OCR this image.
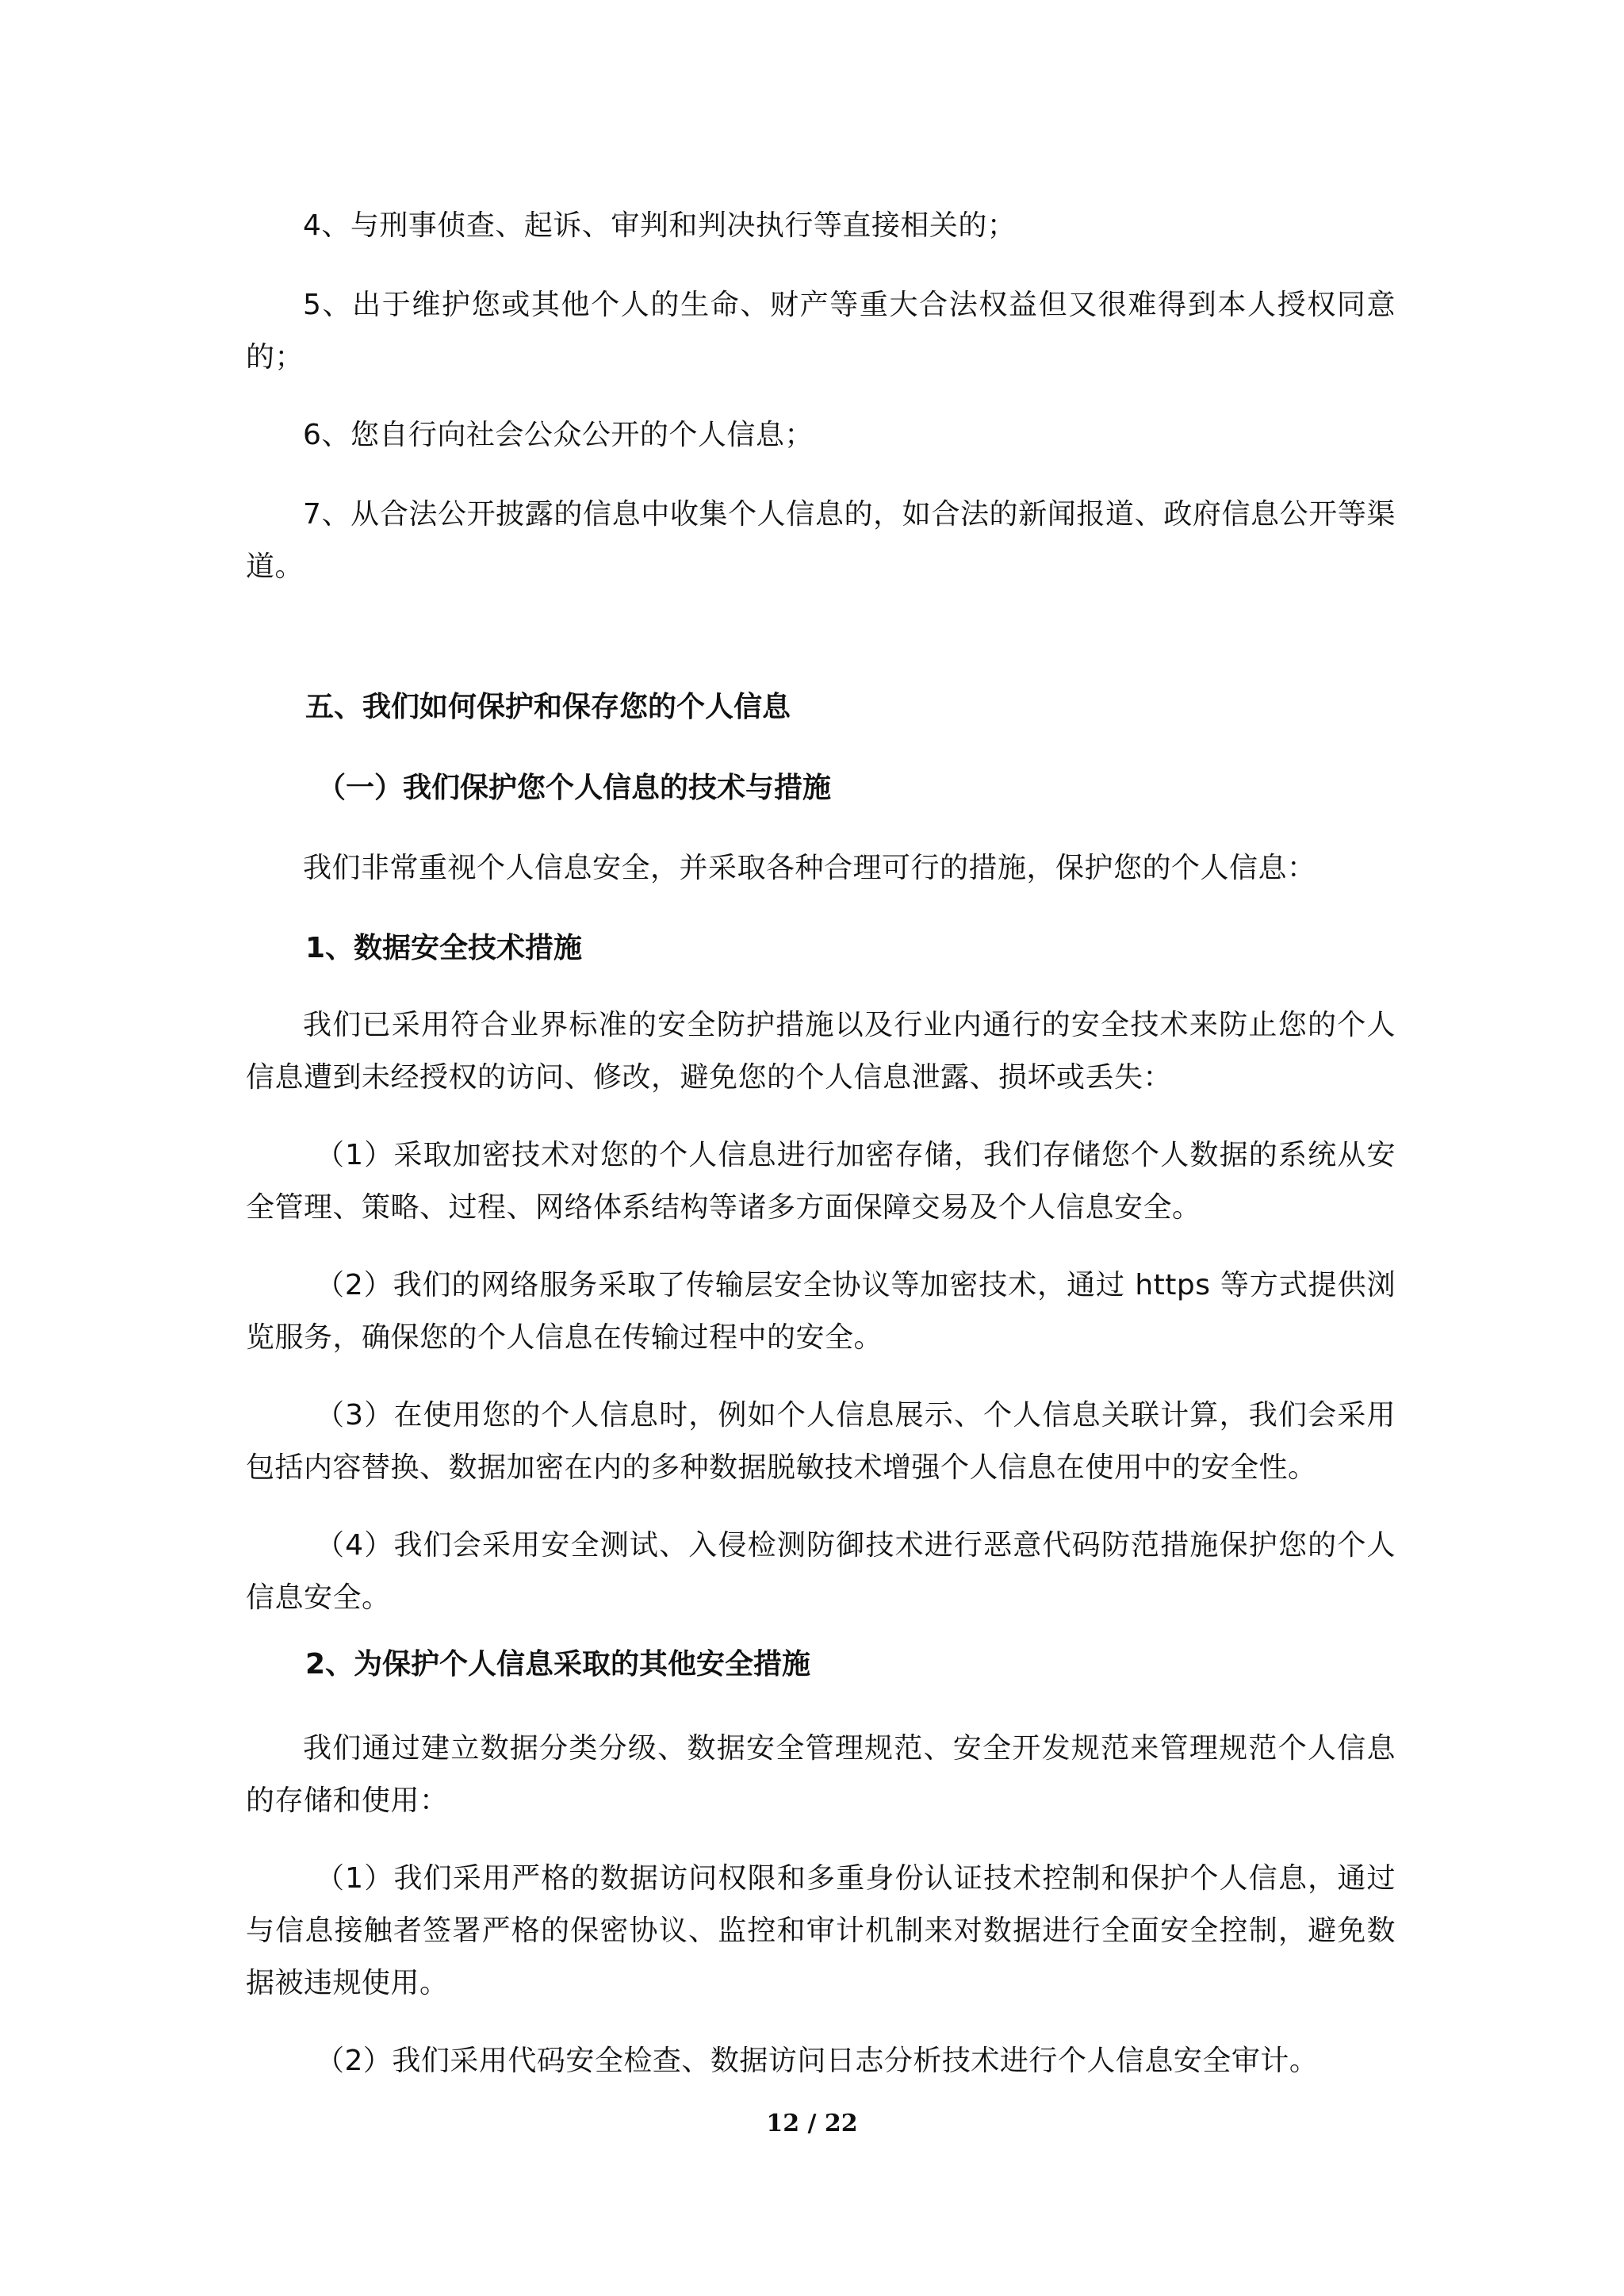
4、与刑事侦查、起诉、审判和判决执行等直接相关的；

5、出于维护您或其他个人的生命、财产等重大合法权益但又很难得到本人授权同意的；

6、您自行向社会公众公开的个人信息；

7、从合法公开披露的信息中收集个人信息的，如合法的新闻报道、政府信息公开等渠道。

五、我们如何保护和保存您的个人信息
（一）我们保护您个人信息的技术与措施

我们非常重视个人信息安全，并采取各种合理可行的措施，保护您的个人信息：

1、数据安全技术措施

我们已采用符合业界标准的安全防护措施以及行业内通行的安全技术来防止您的个人信息遭到未经授权的访问、修改，避免您的个人信息泄露、损坏或丢失：

（1）采取加密技术对您的个人信息进行加密存储，我们存储您个人数据的系统从安全管理、策略、过程、网络体系结构等诸多方面保障交易及个人信息安全。

（2）我们的网络服务采取了传输层安全协议等加密技术，通过 https 等方式提供浏览服务，确保您的个人信息在传输过程中的安全。

（3）在使用您的个人信息时，例如个人信息展示、个人信息关联计算，我们会采用包括内容替换、数据加密在内的多种数据脱敏技术增强个人信息在使用中的安全性。

（4）我们会采用安全测试、入侵检测防御技术进行恶意代码防范措施保护您的个人信息安全。

2、为保护个人信息采取的其他安全措施

我们通过建立数据分类分级、数据安全管理规范、安全开发规范来管理规范个人信息的存储和使用：

（1）我们采用严格的数据访问权限和多重身份认证技术控制和保护个人信息，通过与信息接触者签署严格的保密协议、监控和审计机制来对数据进行全面安全控制，避免数据被违规使用。

（2）我们采用代码安全检查、数据访问日志分析技术进行个人信息安全审计。

12 / 22
